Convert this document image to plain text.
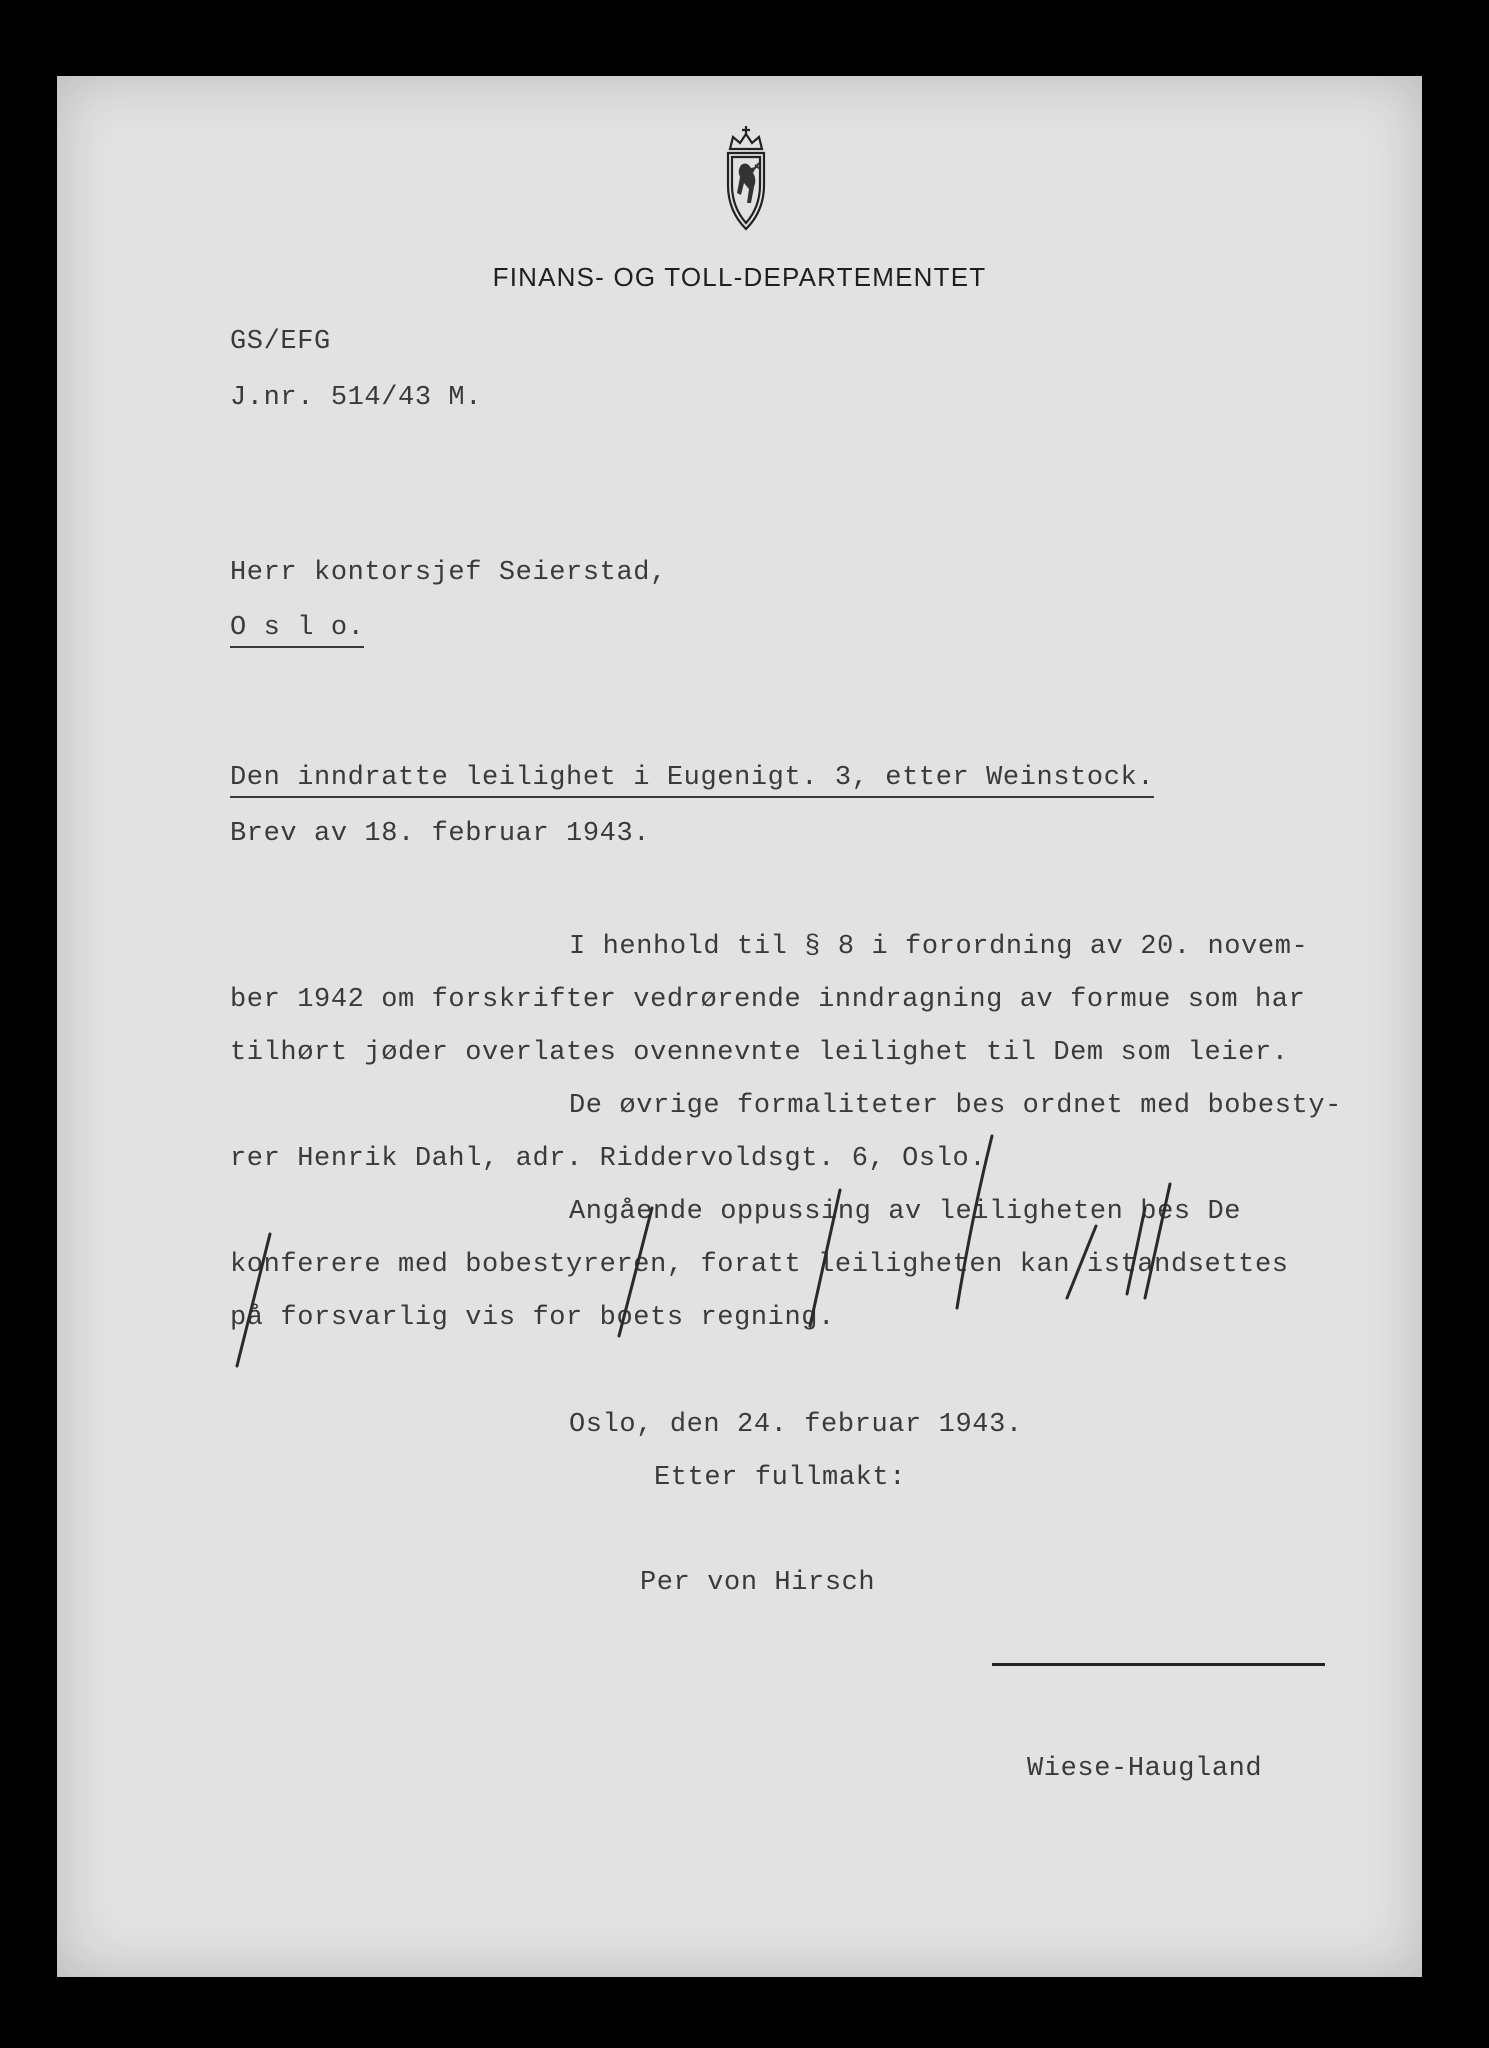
FINANS- OG TOLL-DEPARTEMENTET
GS/EFG
J.nr. 514/43 M.
Herr kontorsjef Seierstad,
O s l o.
Den inndratte leilighet i Eugenigt. 3, etter Weinstock.
Brev av 18. februar 1943.
I henhold til § 8 i forordning av 20. novem-
ber 1942 om forskrifter vedrørende inndragning av formue som har
tilhørt jøder overlates ovennevnte leilighet til Dem som leier.
De øvrige formaliteter bes ordnet med bobesty-
rer Henrik Dahl, adr. Riddervoldsgt. 6, Oslo.
Angående oppussing av leiligheten bes De
konferere med bobestyreren, foratt leiligheten kan istandsettes
på forsvarlig vis for boets regning.
Oslo, den 24. februar 1943.
Etter fullmakt:
Per von Hirsch
Wiese-Haugland
